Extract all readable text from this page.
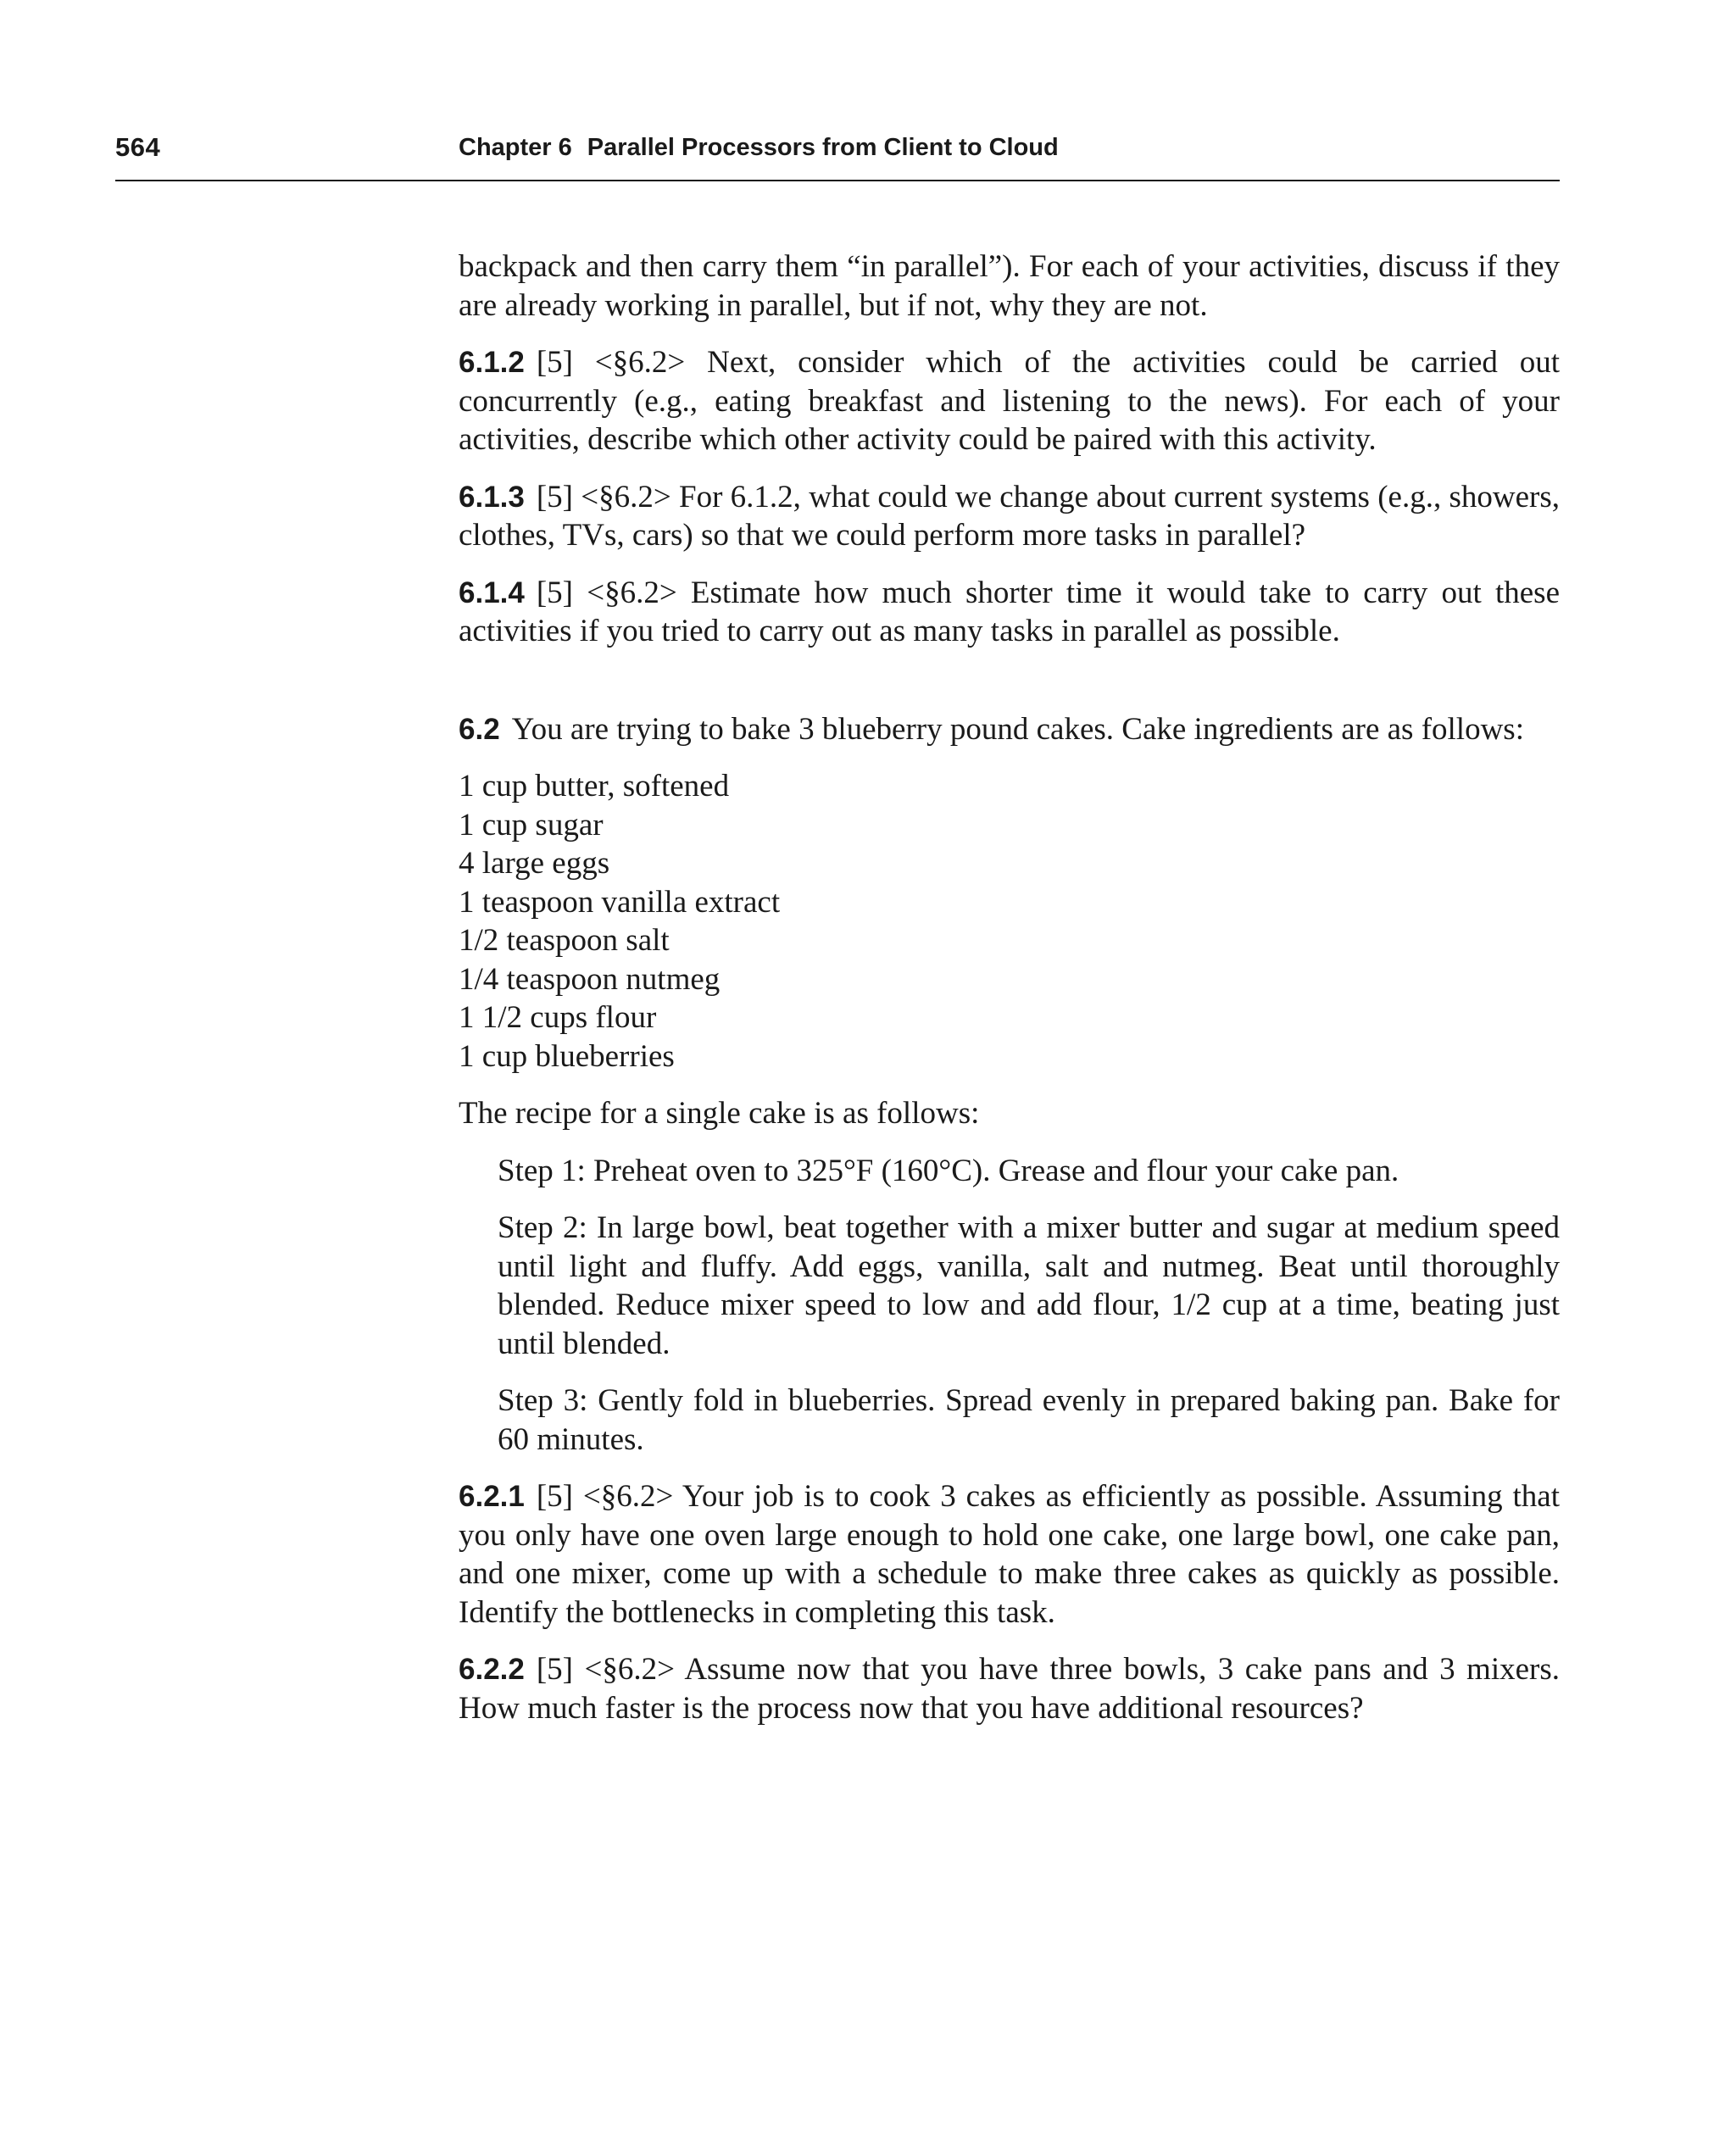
564	Chapter 6 Parallel Processors from Client to Cloud

backpack and then carry them “in parallel”). For each of your activities, discuss if they are already working in parallel, but if not, why they are not.

6.1.2 [5] <§6.2> Next, consider which of the activities could be carried out concurrently (e.g., eating breakfast and listening to the news). For each of your activities, describe which other activity could be paired with this activity.

6.1.3 [5] <§6.2> For 6.1.2, what could we change about current systems (e.g., showers, clothes, TVs, cars) so that we could perform more tasks in parallel?

6.1.4 [5] <§6.2> Estimate how much shorter time it would take to carry out these activities if you tried to carry out as many tasks in parallel as possible.

6.2 You are trying to bake 3 blueberry pound cakes. Cake ingredients are as follows:

1 cup butter, softened
1 cup sugar
4 large eggs
1 teaspoon vanilla extract
1/2 teaspoon salt
1/4 teaspoon nutmeg
1 1/2 cups flour
1 cup blueberries

The recipe for a single cake is as follows:

Step 1: Preheat oven to 325°F (160°C). Grease and flour your cake pan.

Step 2: In large bowl, beat together with a mixer butter and sugar at medium speed until light and fluffy. Add eggs, vanilla, salt and nutmeg. Beat until thoroughly blended. Reduce mixer speed to low and add flour, 1/2 cup at a time, beating just until blended.

Step 3: Gently fold in blueberries. Spread evenly in prepared baking pan. Bake for 60 minutes.

6.2.1 [5] <§6.2> Your job is to cook 3 cakes as efficiently as possible. Assuming that you only have one oven large enough to hold one cake, one large bowl, one cake pan, and one mixer, come up with a schedule to make three cakes as quickly as possible. Identify the bottlenecks in completing this task.

6.2.2 [5] <§6.2> Assume now that you have three bowls, 3 cake pans and 3 mixers. How much faster is the process now that you have additional resources?
